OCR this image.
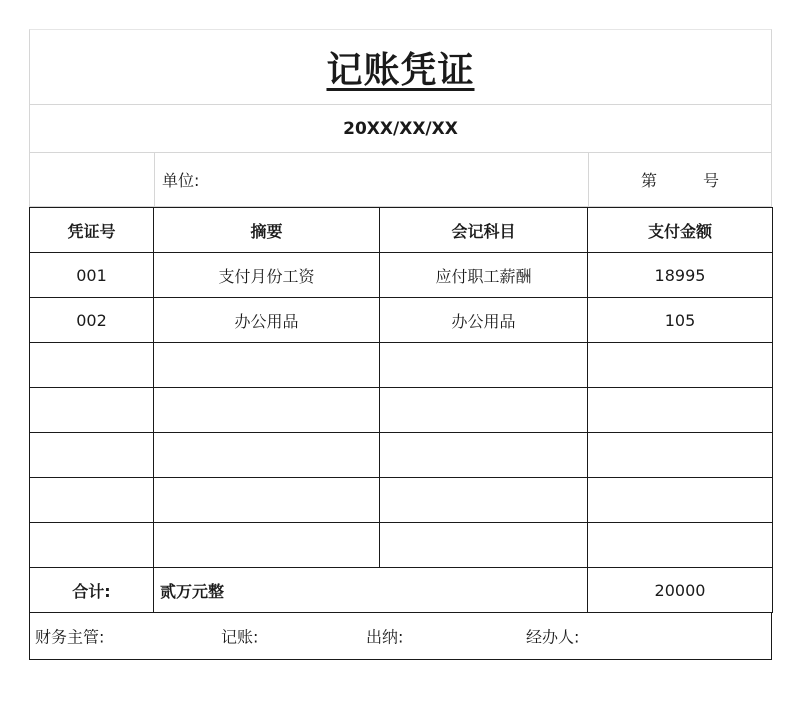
记账凭证
20XX/XX/XX
单位:	第	号
凭证号	摘要	会记科目	支付金额
001	支付月份工资	应付职工薪酬	18995
002	办公用品	办公用品	105

合计:	贰万元整		20000
财务主管:	记账:	出纳:	经办人:
